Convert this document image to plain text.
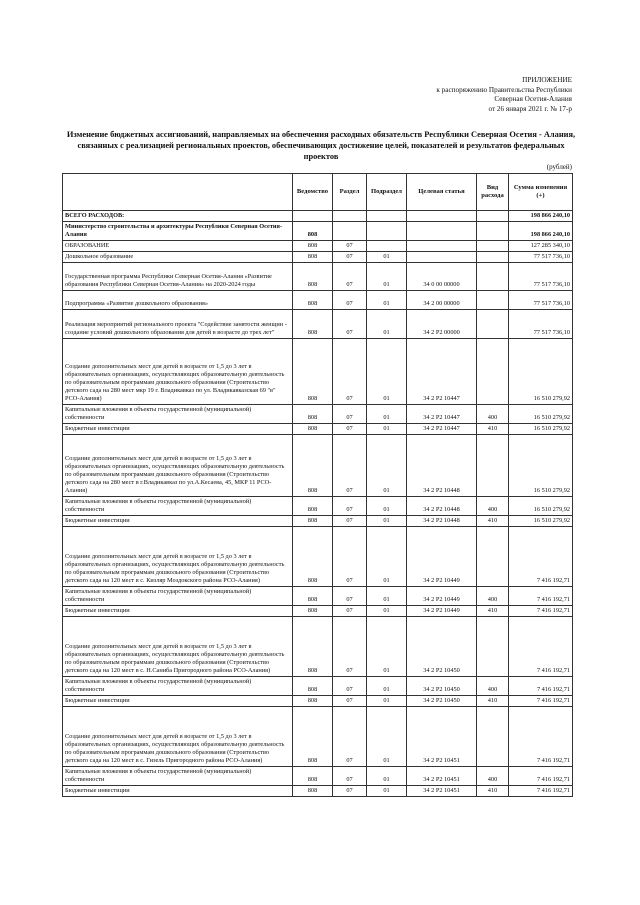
ПРИЛОЖЕНИЕ
к распоряжению Правительства Республики
Северная Осетия-Алания
от 26 января 2021 г. № 17-р
Изменение бюджетных ассигнований, направляемых на обеспечения расходных обязательств Республики Северная Осетия - Алания, связанных с реализацией региональных проектов, обеспечивающих достижение целей, показателей и результатов федеральных проектов
(рублей)
	Ведомство	Раздел	Подраздел	Целевая статья	Вид расхода	Сумма изменения (+)
ВСЕГО РАСХОДОВ:						198 866 240,10
Министерство строительства и архитектуры Республики Северная Осетия-Алания	808					198 866 240,10
ОБРАЗОВАНИЕ	808	07				127 285 340,10
Дошкольное образование	808	07	01			77 517 736,10
Государственная программа Республики Северная Осетия-Алания «Развитие образования Республики Северная Осетия-Алания» на 2020-2024 годы	808	07	01	34 0 00 00000		77 517 736,10
Подпрограмма «Развитие дошкольного образования»	808	07	01	34 2 00 00000		77 517 736,10
Реализация мероприятий регионального проекта "Содействие занятости женщин - создание условий дошкольного образования для детей в возрасте до трех лет"	808	07	01	34 2 P2 00000		77 517 736,10
Создание дополнительных мест для детей в возрасте от 1,5 до 3 лет в образовательных организациях, осуществляющих образовательную деятельность по образовательным программам дошкольного образования (Строительство детского сада на 280 мест мкр 19 г. Владикавказ по ул. Владикавказская 69 "в" РСО-Алания)	808	07	01	34 2 P2 10447		16 510 279,92
Капитальные вложения в объекты государственной (муниципальной) собственности	808	07	01	34 2 P2 10447	400	16 510 279,92
Бюджетные инвестиции	808	07	01	34 2 P2 10447	410	16 510 279,92
Создание дополнительных мест для детей в возрасте от 1,5 до 3 лет в образовательных организациях, осуществляющих образовательную деятельность по образовательным программам дошкольного образования (Строительство детского сада на 280 мест в г.Владикавказ по ул.А.Кесаева, 45, МКР 11 РСО-Алания)	808	07	01	34 2 P2 10448		16 510 279,92
Капитальные вложения в объекты государственной (муниципальной) собственности	808	07	01	34 2 P2 10448	400	16 510 279,92
Бюджетные инвестиции	808	07	01	34 2 P2 10448	410	16 510 279,92
Создание дополнительных мест для детей в возрасте от 1,5 до 3 лет в образовательных организациях, осуществляющих образовательную деятельность по образовательным программам дошкольного образования (Строительство детского сада на 120 мест в с. Кизляр Моздокского района РСО-Алания)	808	07	01	34 2 P2 10449		7 416 192,71
Капитальные вложения в объекты государственной (муниципальной) собственности	808	07	01	34 2 P2 10449	400	7 416 192,71
Бюджетные инвестиции	808	07	01	34 2 P2 10449	410	7 416 192,71
Создание дополнительных мест для детей в возрасте от 1,5 до 3 лет в образовательных организациях, осуществляющих образовательную деятельность по образовательным программам дошкольного образования (Строительство детского сада на 120 мест в с. Н.Саниба Пригородного района РСО-Алания)	808	07	01	34 2 P2 10450		7 416 192,71
Капитальные вложения в объекты государственной (муниципальной) собственности	808	07	01	34 2 P2 10450	400	7 416 192,71
Бюджетные инвестиции	808	07	01	34 2 P2 10450	410	7 416 192,71
Создание дополнительных мест для детей в возрасте от 1,5 до 3 лет в образовательных организациях, осуществляющих образовательную деятельность по образовательным программам дошкольного образования (Строительство детского сада на 120 мест в с. Гизель Пригородного района РСО-Алания)	808	07	01	34 2 P2 10451		7 416 192,71
Капитальные вложения в объекты государственной (муниципальной) собственности	808	07	01	34 2 P2 10451	400	7 416 192,71
Бюджетные инвестиции	808	07	01	34 2 P2 10451	410	7 416 192,71
